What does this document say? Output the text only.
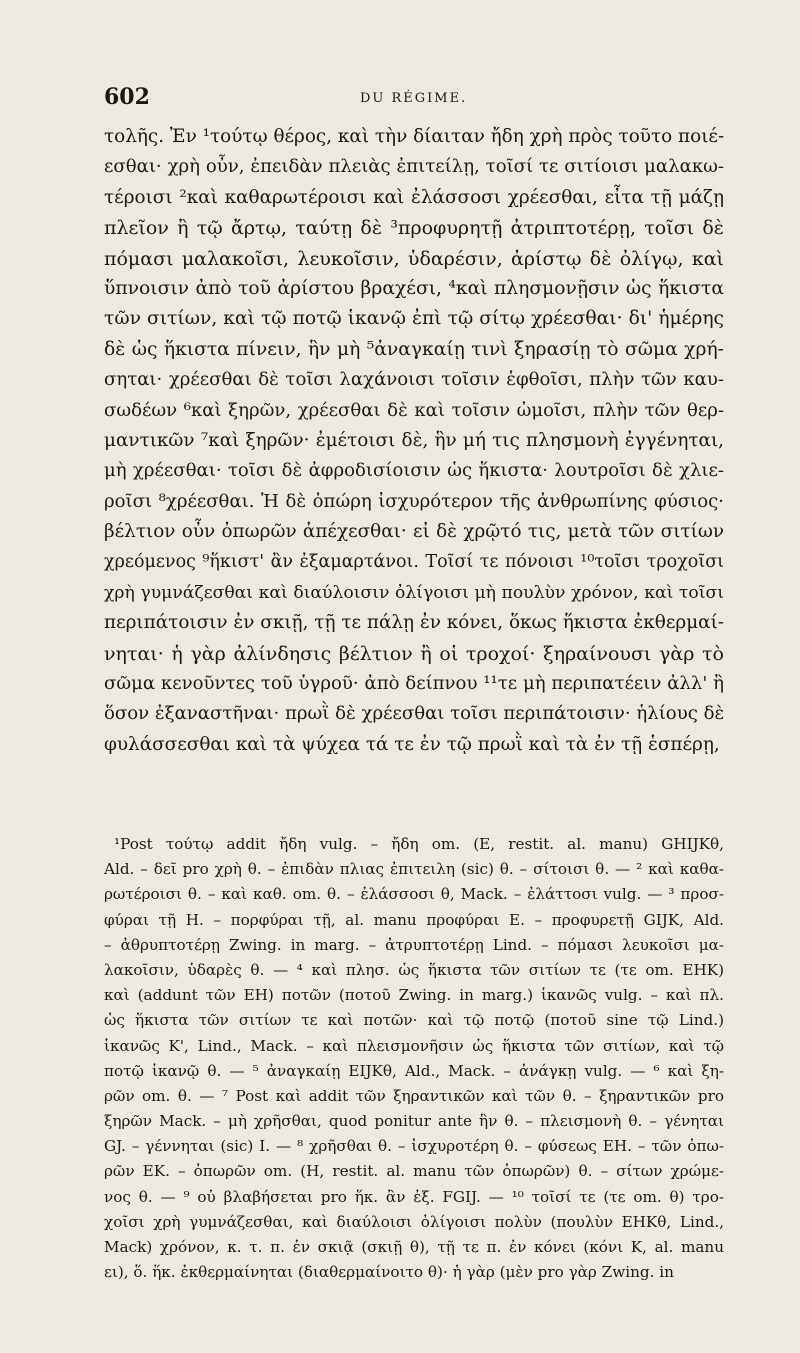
602	DU RÉGIME.
τολῆς. Ἐν ¹τούτῳ θέρος, καὶ τὴν δίαιταν ἤδη χρὴ πρὸς τοῦτο ποιέ-
εσθαι· χρὴ οὖν, ἐπειδὰν πλειὰς ἐπιτείλῃ, τοῖσί τε σιτίοισι μαλακω-
τέροισι ²καὶ καθαρωτέροισι καὶ ἐλάσσοσι χρέεσθαι, εἶτα τῇ μάζῃ
πλεῖον ἢ τῷ ἄρτῳ, ταύτῃ δὲ ³προφυρητῇ ἀτριπτοτέρῃ, τοῖσι δὲ
πόμασι μαλακοῖσι, λευκοῖσιν, ὑδαρέσιν, ἀρίστῳ δὲ ὀλίγῳ, καὶ
ὕπνοισιν ἀπὸ τοῦ ἀρίστου βραχέσι, ⁴καὶ πλησμονῇσιν ὡς ἥκιστα
τῶν σιτίων, καὶ τῷ ποτῷ ἱκανῷ ἐπὶ τῷ σίτῳ χρέεσθαι· δι' ἡμέρης
δὲ ὡς ἥκιστα πίνειν, ἣν μὴ ⁵ἀναγκαίῃ τινὶ ξηρασίῃ τὸ σῶμα χρή-
σηται· χρέεσθαι δὲ τοῖσι λαχάνοισι τοῖσιν ἑφθοῖσι, πλὴν τῶν καυ-
σωδέων ⁶καὶ ξηρῶν, χρέεσθαι δὲ καὶ τοῖσιν ὠμοῖσι, πλὴν τῶν θερ-
μαντικῶν ⁷καὶ ξηρῶν· ἐμέτοισι δὲ, ἣν μή τις πλησμονὴ ἐγγένηται,
μὴ χρέεσθαι· τοῖσι δὲ ἀφροδισίοισιν ὡς ἥκιστα· λουτροῖσι δὲ χλιε-
ροῖσι ⁸χρέεσθαι. Ἡ δὲ ὀπώρη ἰσχυρότερον τῆς ἀνθρωπίνης φύσιος·
βέλτιον οὖν ὀπωρῶν ἀπέχεσθαι· εἰ δὲ χρῷτό τις, μετὰ τῶν σιτίων
χρεόμενος ⁹ἥκιστ' ἂν ἐξαμαρτάνοι. Τοῖσί τε πόνοισι ¹⁰τοῖσι τροχοῖσι
χρὴ γυμνάζεσθαι καὶ διαύλοισιν ὀλίγοισι μὴ πουλὺν χρόνον, καὶ τοῖσι
περιπάτοισιν ἐν σκιῇ, τῇ τε πάλῃ ἐν κόνει, ὅκως ἥκιστα ἐκθερμαί-
νηται· ἡ γὰρ ἀλίνδησις βέλτιον ἢ οἱ τροχοί· ξηραίνουσι γὰρ τὸ
σῶμα κενοῦντες τοῦ ὑγροῦ· ἀπὸ δείπνου ¹¹τε μὴ περιπατέειν ἀλλ' ἢ
ὅσον ἐξαναστῆναι· πρωῒ δὲ χρέεσθαι τοῖσι περιπάτοισιν· ἡλίους δὲ
φυλάσσεσθαι καὶ τὰ ψύχεα τά τε ἐν τῷ πρωῒ καὶ τὰ ἐν τῇ ἑσπέρῃ,
¹Post τούτῳ addit ἤδη vulg. – ἤδη om. (E, restit. al. manu) GHIJKθ,
Ald. – δεῖ pro χρὴ θ. – ἐπιδὰν πλιας ἐπιτειλη (sic) θ. – σίτοισι θ. — ² καὶ καθα-
ρωτέροισι θ. – καὶ καθ. om. θ. – ἐλάσσοσι θ, Mack. – ἐλάττοσι vulg. — ³ προσ-
φύραι τῇ H. – πορφύραι τῇ, al. manu προφύραι E. – προφυρετῇ GIJK, Ald.
– ἀθρυπτοτέρῃ Zwing. in marg. – ἀτρυπτοτέρῃ Lind. – πόμασι λευκοῖσι μα-
λακοῖσιν, ὑδαρὲς θ. — ⁴ καὶ πλησ. ὡς ἥκιστα τῶν σιτίων τε (τε om. EHK)
καὶ (addunt τῶν EH) ποτῶν (ποτοῦ Zwing. in marg.) ἱκανῶς vulg. – καὶ πλ.
ὡς ἥκιστα τῶν σιτίων τε καὶ ποτῶν· καὶ τῷ ποτῷ (ποτοῦ sine τῷ Lind.)
ἱκανῶς K', Lind., Mack. – καὶ πλεισμονῆσιν ὡς ἥκιστα τῶν σιτίων, καὶ τῷ
ποτῷ ἱκανῷ θ. — ⁵ ἀναγκαίῃ EIJKθ, Ald., Mack. – ἀνάγκῃ vulg. — ⁶ καὶ ξη-
ρῶν om. θ. — ⁷ Post καὶ addit τῶν ξηραντικῶν καὶ τῶν θ. – ξηραντικῶν pro
ξηρῶν Mack. – μὴ χρῆσθαι, quod ponitur ante ἣν θ. – πλεισμονὴ θ. – γένηται
GJ. – γέννηται (sic) I. — ⁸ χρῆσθαι θ. – ἰσχυροτέρη θ. – φύσεως EH. – τῶν ὀπω-
ρῶν EK. – ὀπωρῶν om. (H, restit. al. manu τῶν ὀπωρῶν) θ. – σίτων χρώμε-
νος θ. — ⁹ οὐ βλαβήσεται pro ἥκ. ἂν ἐξ. FGIJ. — ¹⁰ τοῖσί τε (τε om. θ) τρο-
χοῖσι χρὴ γυμνάζεσθαι, καὶ διαύλοισι ὀλίγοισι πολὺν (πουλὺν EHKθ, Lind.,
Mack) χρόνον, κ. τ. π. ἐν σκιᾷ (σκιῇ θ), τῇ τε π. ἐν κόνει (κόνι K, al. manu
ει), ὅ. ἥκ. ἐκθερμαίνηται (διαθερμαίνοιτο θ)· ἡ γὰρ (μὲν pro γὰρ Zwing. in
